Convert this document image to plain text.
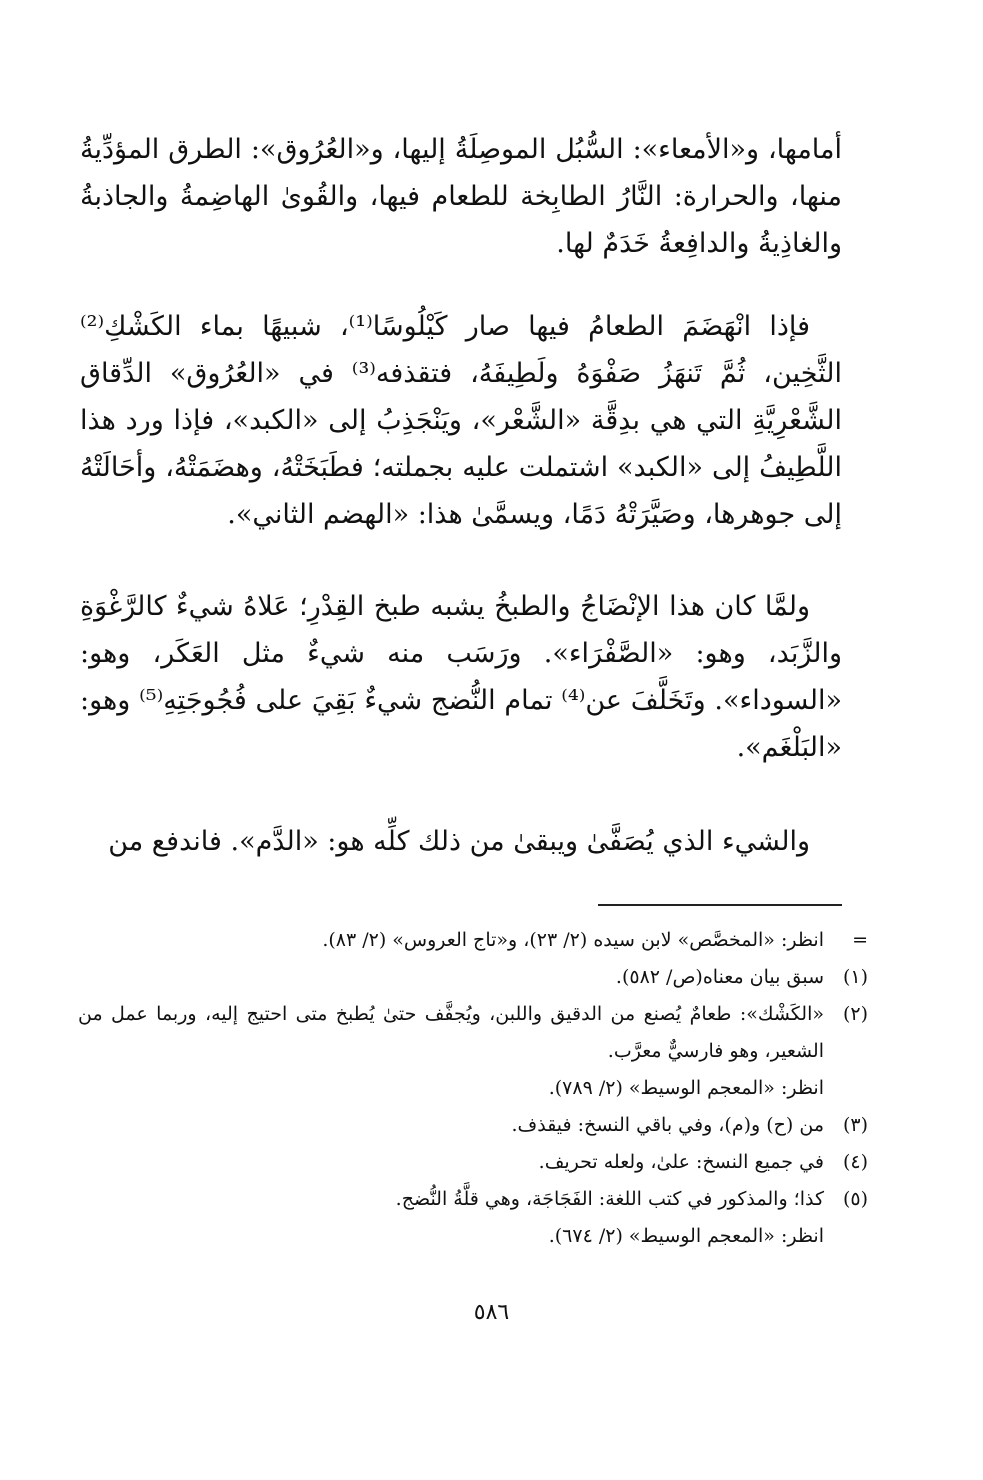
أمامها، و«الأمعاء»: السُّبُل الموصِلَةُ إليها، و«العُرُوق»: الطرق المؤدِّيةُ منها، والحرارة: النَّارُ الطابِخة للطعام فيها، والقُوىٰ الهاضِمةُ والجاذبةُ والغاذِيةُ والدافِعةُ خَدَمٌ لها.

فإذا انْهَضَمَ الطعامُ فيها صار كَيْلُوسًا⁽¹⁾، شبيهًا بماء الكَشْكِ⁽²⁾ الثَّخِين، ثُمَّ تَنهَزُ صَفْوَهُ ولَطِيفَهُ، فتقذفه⁽³⁾ في «العُرُوق» الدِّقاق الشَّعْرِيَّةِ التي هي بدِقَّة «الشَّعْر»، ويَنْجَذِبُ إلى «الكبد»، فإذا ورد هذا اللَّطِيفُ إلى «الكبد» اشتملت عليه بجملته؛ فطَبَخَتْهُ، وهضَمَتْهُ، وأحَالَتْهُ إلى جوهرها، وصَيَّرَتْهُ دَمًا، ويسمَّىٰ هذا: «الهضم الثاني».

ولمَّا كان هذا الإنْضَاجُ والطبخُ يشبه طبخ القِدْرِ؛ عَلاهُ شيءٌ كالرَّغْوَةِ والزَّبَد، وهو: «الصَّفْرَاء». ورَسَب منه شيءٌ مثل العَكَر، وهو: «السوداء». وتَخَلَّفَ عن⁽⁴⁾ تمام النُّضج شيءٌ بَقِيَ على فُجُوجَتِهِ⁽⁵⁾ وهو: «البَلْغَم».

والشيء الذي يُصَفَّىٰ ويبقىٰ من ذلك كلِّه هو: «الدَّم». فاندفع من

=
انظر: «المخصَّص» لابن سيده (٢/ ٢٣)، و«تاج العروس» (٢/ ٨٣).
(١)
سبق بيان معناه(ص/ ٥٨٢).
(٢)
«الكَشْك»: طعامٌ يُصنع من الدقيق واللبن، ويُجفَّف حتىٰ يُطبخ متى احتيج إليه، وربما عمل من الشعير، وهو فارسيٌّ معرَّب.

انظر: «المعجم الوسيط» (٢/ ٧٨٩).

(٣)
من (ح) و(م)، وفي باقي النسخ: فيقذف.
(٤)
في جميع النسخ: علىٰ، ولعله تحريف.
(٥)
كذا؛ والمذكور في كتب اللغة: الفَجَاجَة، وهي قلَّةُ النُّضج.

انظر: «المعجم الوسيط» (٢/ ٦٧٤).

٥٨٦
